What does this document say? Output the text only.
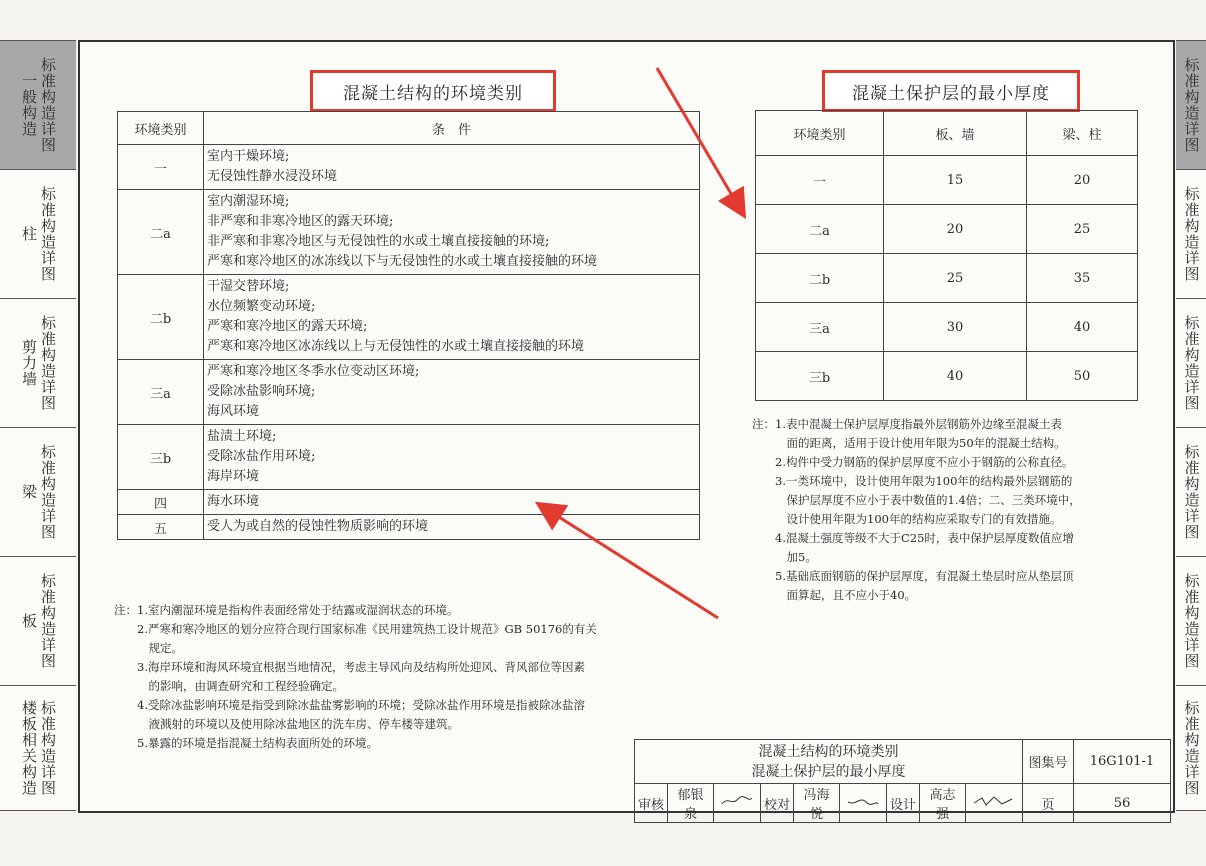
一般构造 标准构造详图
柱 标准构造详图
剪力墙 标准构造详图
梁 标准构造详图
板 标准构造详图
楼板相关构造 标准构造详图
标准构造详图
标准构造详图
标准构造详图
标准构造详图
标准构造详图
标准构造详图
混凝土结构的环境类别
环境类别	条　件
一	室内干燥环境;
无侵蚀性静水浸没环境

二a	室内潮湿环境;
非严寒和非寒冷地区的露天环境;
非严寒和非寒冷地区与无侵蚀性的水或土壤直接接触的环境;
严寒和寒冷地区的冰冻线以下与无侵蚀性的水或土壤直接接触的环境

二b	干湿交替环境;
水位频繁变动环境;
严寒和寒冷地区的露天环境;
严寒和寒冷地区冰冻线以上与无侵蚀性的水或土壤直接接触的环境

三a	严寒和寒冷地区冬季水位变动区环境;
受除冰盐影响环境;
海风环境

三b	盐渍土环境;
受除冰盐作用环境;
海岸环境

四	海水环境

五	受人为或自然的侵蚀性物质影响的环境

注：1.室内潮湿环境是指构件表面经常处于结露或湿润状态的环境。

　　2.严寒和寒冷地区的划分应符合现行国家标准《民用建筑热工设计规范》GB 50176的有关

　　　规定。

　　3.海岸环境和海风环境宜根据当地情况，考虑主导风向及结构所处迎风、背风部位等因素

　　　的影响，由调查研究和工程经验确定。

　　4.受除冰盐影响环境是指受到除冰盐盐雾影响的环境；受除冰盐作用环境是指被除冰盐溶

　　　液溅射的环境以及使用除冰盐地区的洗车房、停车楼等建筑。

　　5.暴露的环境是指混凝土结构表面所处的环境。

混凝土保护层的最小厚度
环境类别	板、墙	梁、柱
一	15	20
二a	20	25
二b	25	35
三a	30	40
三b	40	50

注：1.表中混凝土保护层厚度指最外层钢筋外边缘至混凝土表

　　　面的距离，适用于设计使用年限为50年的混凝土结构。

　　2.构件中受力钢筋的保护层厚度不应小于钢筋的公称直径。

　　3.一类环境中，设计使用年限为100年的结构最外层钢筋的

　　　保护层厚度不应小于表中数值的1.4倍；二、三类环境中，

　　　设计使用年限为100年的结构应采取专门的有效措施。

　　4.混凝土强度等级不大于C25时，表中保护层厚度数值应增

　　　加5。

　　5.基础底面钢筋的保护层厚度，有混凝土垫层时应从垫层顶

　　　面算起，且不应小于40。

混凝土结构的环境类别
混凝土保护层的最小厚度									图集号	16G101-1
审核	郁银泉		校对	冯海悦		设计	高志强		页	56
